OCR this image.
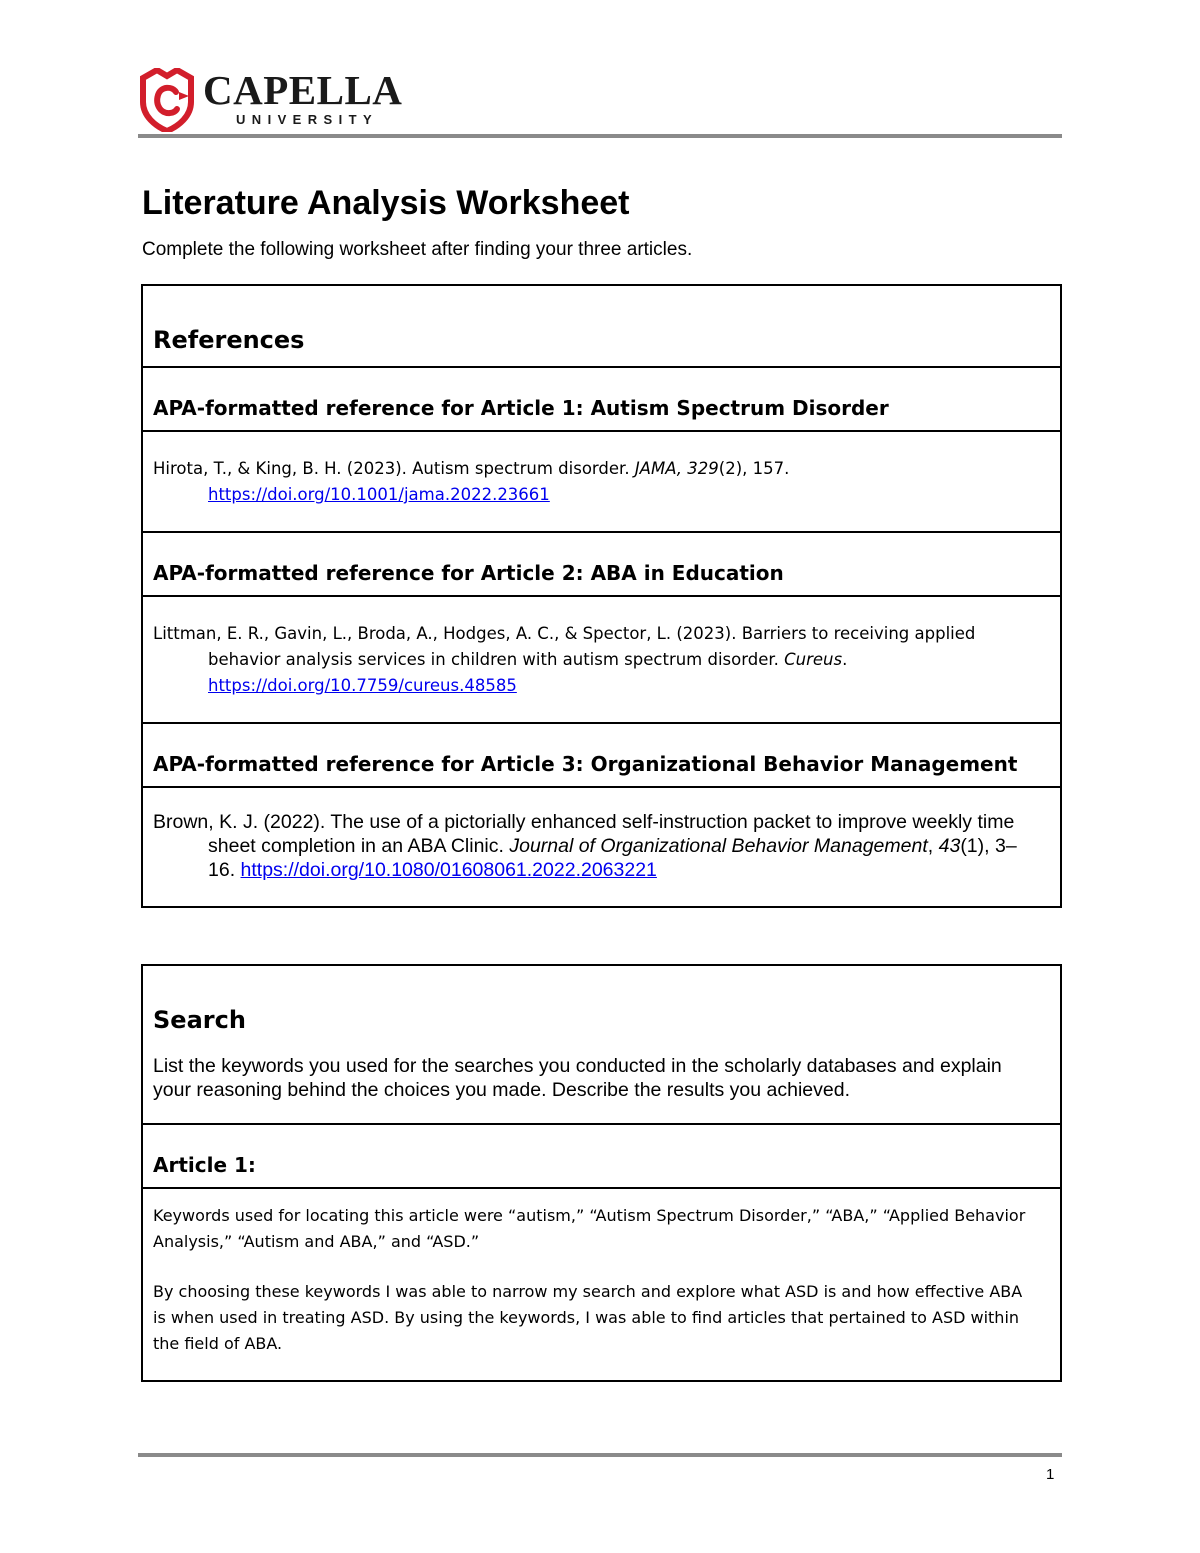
CAPELLA
UNIVERSITY
Literature Analysis Worksheet

Complete the following worksheet after finding your three articles.

References
APA-formatted reference for Article 1: Autism Spectrum Disorder

Hirota, T., & King, B. H. (2023). Autism spectrum disorder. JAMA, 329(2), 157.
https://doi.org/10.1001/jama.2022.23661

APA-formatted reference for Article 2: ABA in Education

Littman, E. R., Gavin, L., Broda, A., Hodges, A. C., & Spector, L. (2023). Barriers to receiving applied behavior analysis services in children with autism spectrum disorder. Cureus.
https://doi.org/10.7759/cureus.48585

APA-formatted reference for Article 3: Organizational Behavior Management

Brown, K. J. (2022). The use of a pictorially enhanced self-instruction packet to improve weekly time sheet completion in an ABA Clinic. Journal of Organizational Behavior Management, 43(1), 3–16. https://doi.org/10.1080/01608061.2022.2063221

Search

List the keywords you used for the searches you conducted in the scholarly databases and explain your reasoning behind the choices you made. Describe the results you achieved.

Article 1:

Keywords used for locating this article were “autism,” “Autism Spectrum Disorder,” “ABA,” “Applied Behavior Analysis,” “Autism and ABA,” and “ASD.”

By choosing these keywords I was able to narrow my search and explore what ASD is and how effective ABA is when used in treating ASD. By using the keywords, I was able to find articles that pertained to ASD within the field of ABA.

1
